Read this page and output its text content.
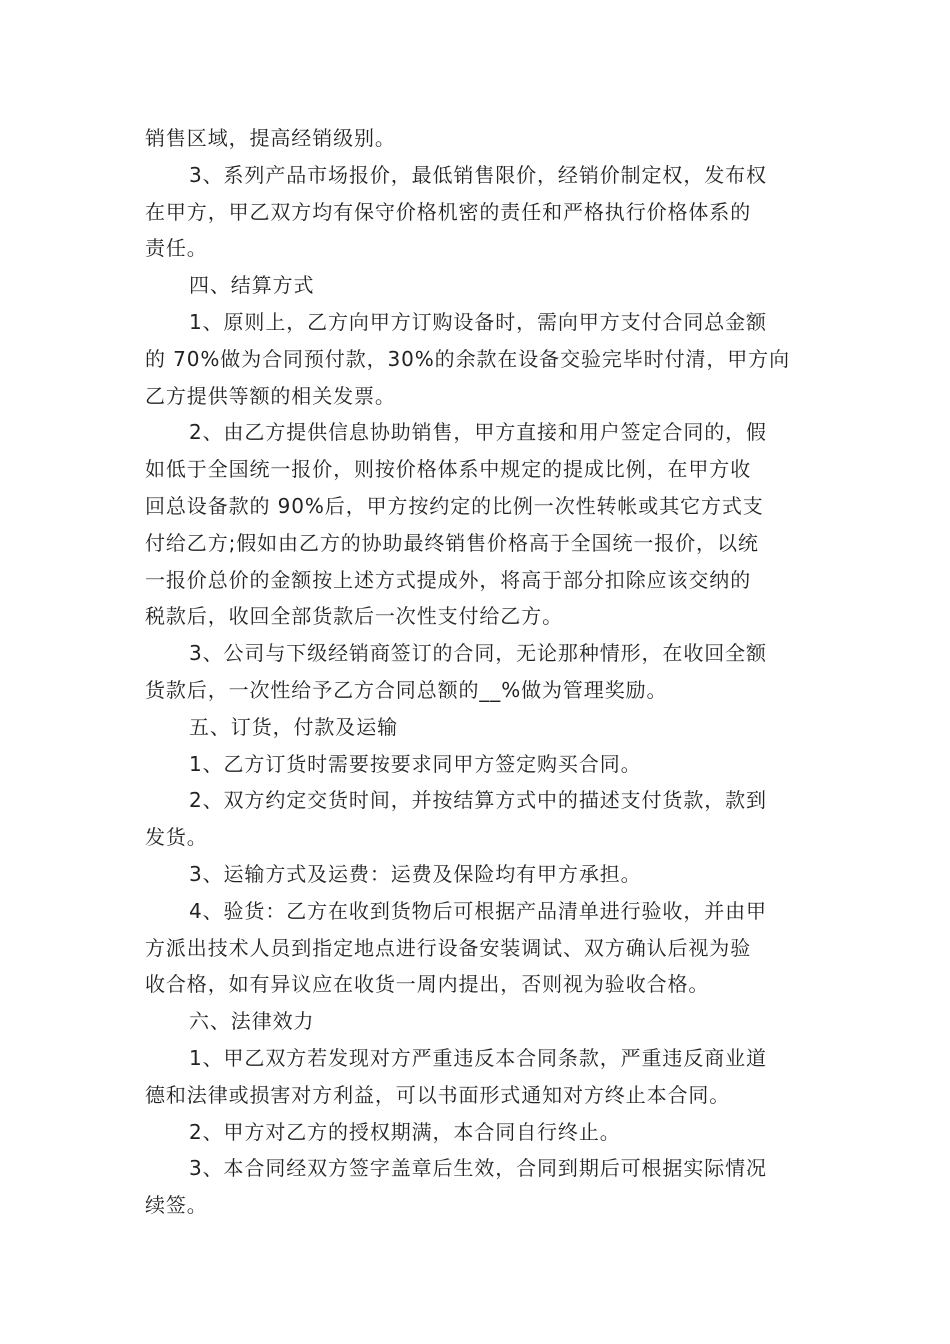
销售区域，提高经销级别。
3、系列产品市场报价，最低销售限价，经销价制定权，发布权
在甲方，甲乙双方均有保守价格机密的责任和严格执行价格体系的
责任。
四、结算方式
1、原则上，乙方向甲方订购设备时，需向甲方支付合同总金额
的 70%做为合同预付款，30%的余款在设备交验完毕时付清，甲方向
乙方提供等额的相关发票。
2、由乙方提供信息协助销售，甲方直接和用户签定合同的，假
如低于全国统一报价，则按价格体系中规定的提成比例，在甲方收
回总设备款的 90%后，甲方按约定的比例一次性转帐或其它方式支
付给乙方;假如由乙方的协助最终销售价格高于全国统一报价，以统
一报价总价的金额按上述方式提成外，将高于部分扣除应该交纳的
税款后，收回全部货款后一次性支付给乙方。
3、公司与下级经销商签订的合同，无论那种情形，在收回全额
货款后，一次性给予乙方合同总额的__%做为管理奖励。
五、订货，付款及运输
1、乙方订货时需要按要求同甲方签定购买合同。
2、双方约定交货时间，并按结算方式中的描述支付货款，款到
发货。
3、运输方式及运费：运费及保险均有甲方承担。
4、验货：乙方在收到货物后可根据产品清单进行验收，并由甲
方派出技术人员到指定地点进行设备安装调试、双方确认后视为验
收合格，如有异议应在收货一周内提出，否则视为验收合格。
六、法律效力
1、甲乙双方若发现对方严重违反本合同条款，严重违反商业道
德和法律或损害对方利益，可以书面形式通知对方终止本合同。
2、甲方对乙方的授权期满，本合同自行终止。
3、本合同经双方签字盖章后生效，合同到期后可根据实际情况
续签。
